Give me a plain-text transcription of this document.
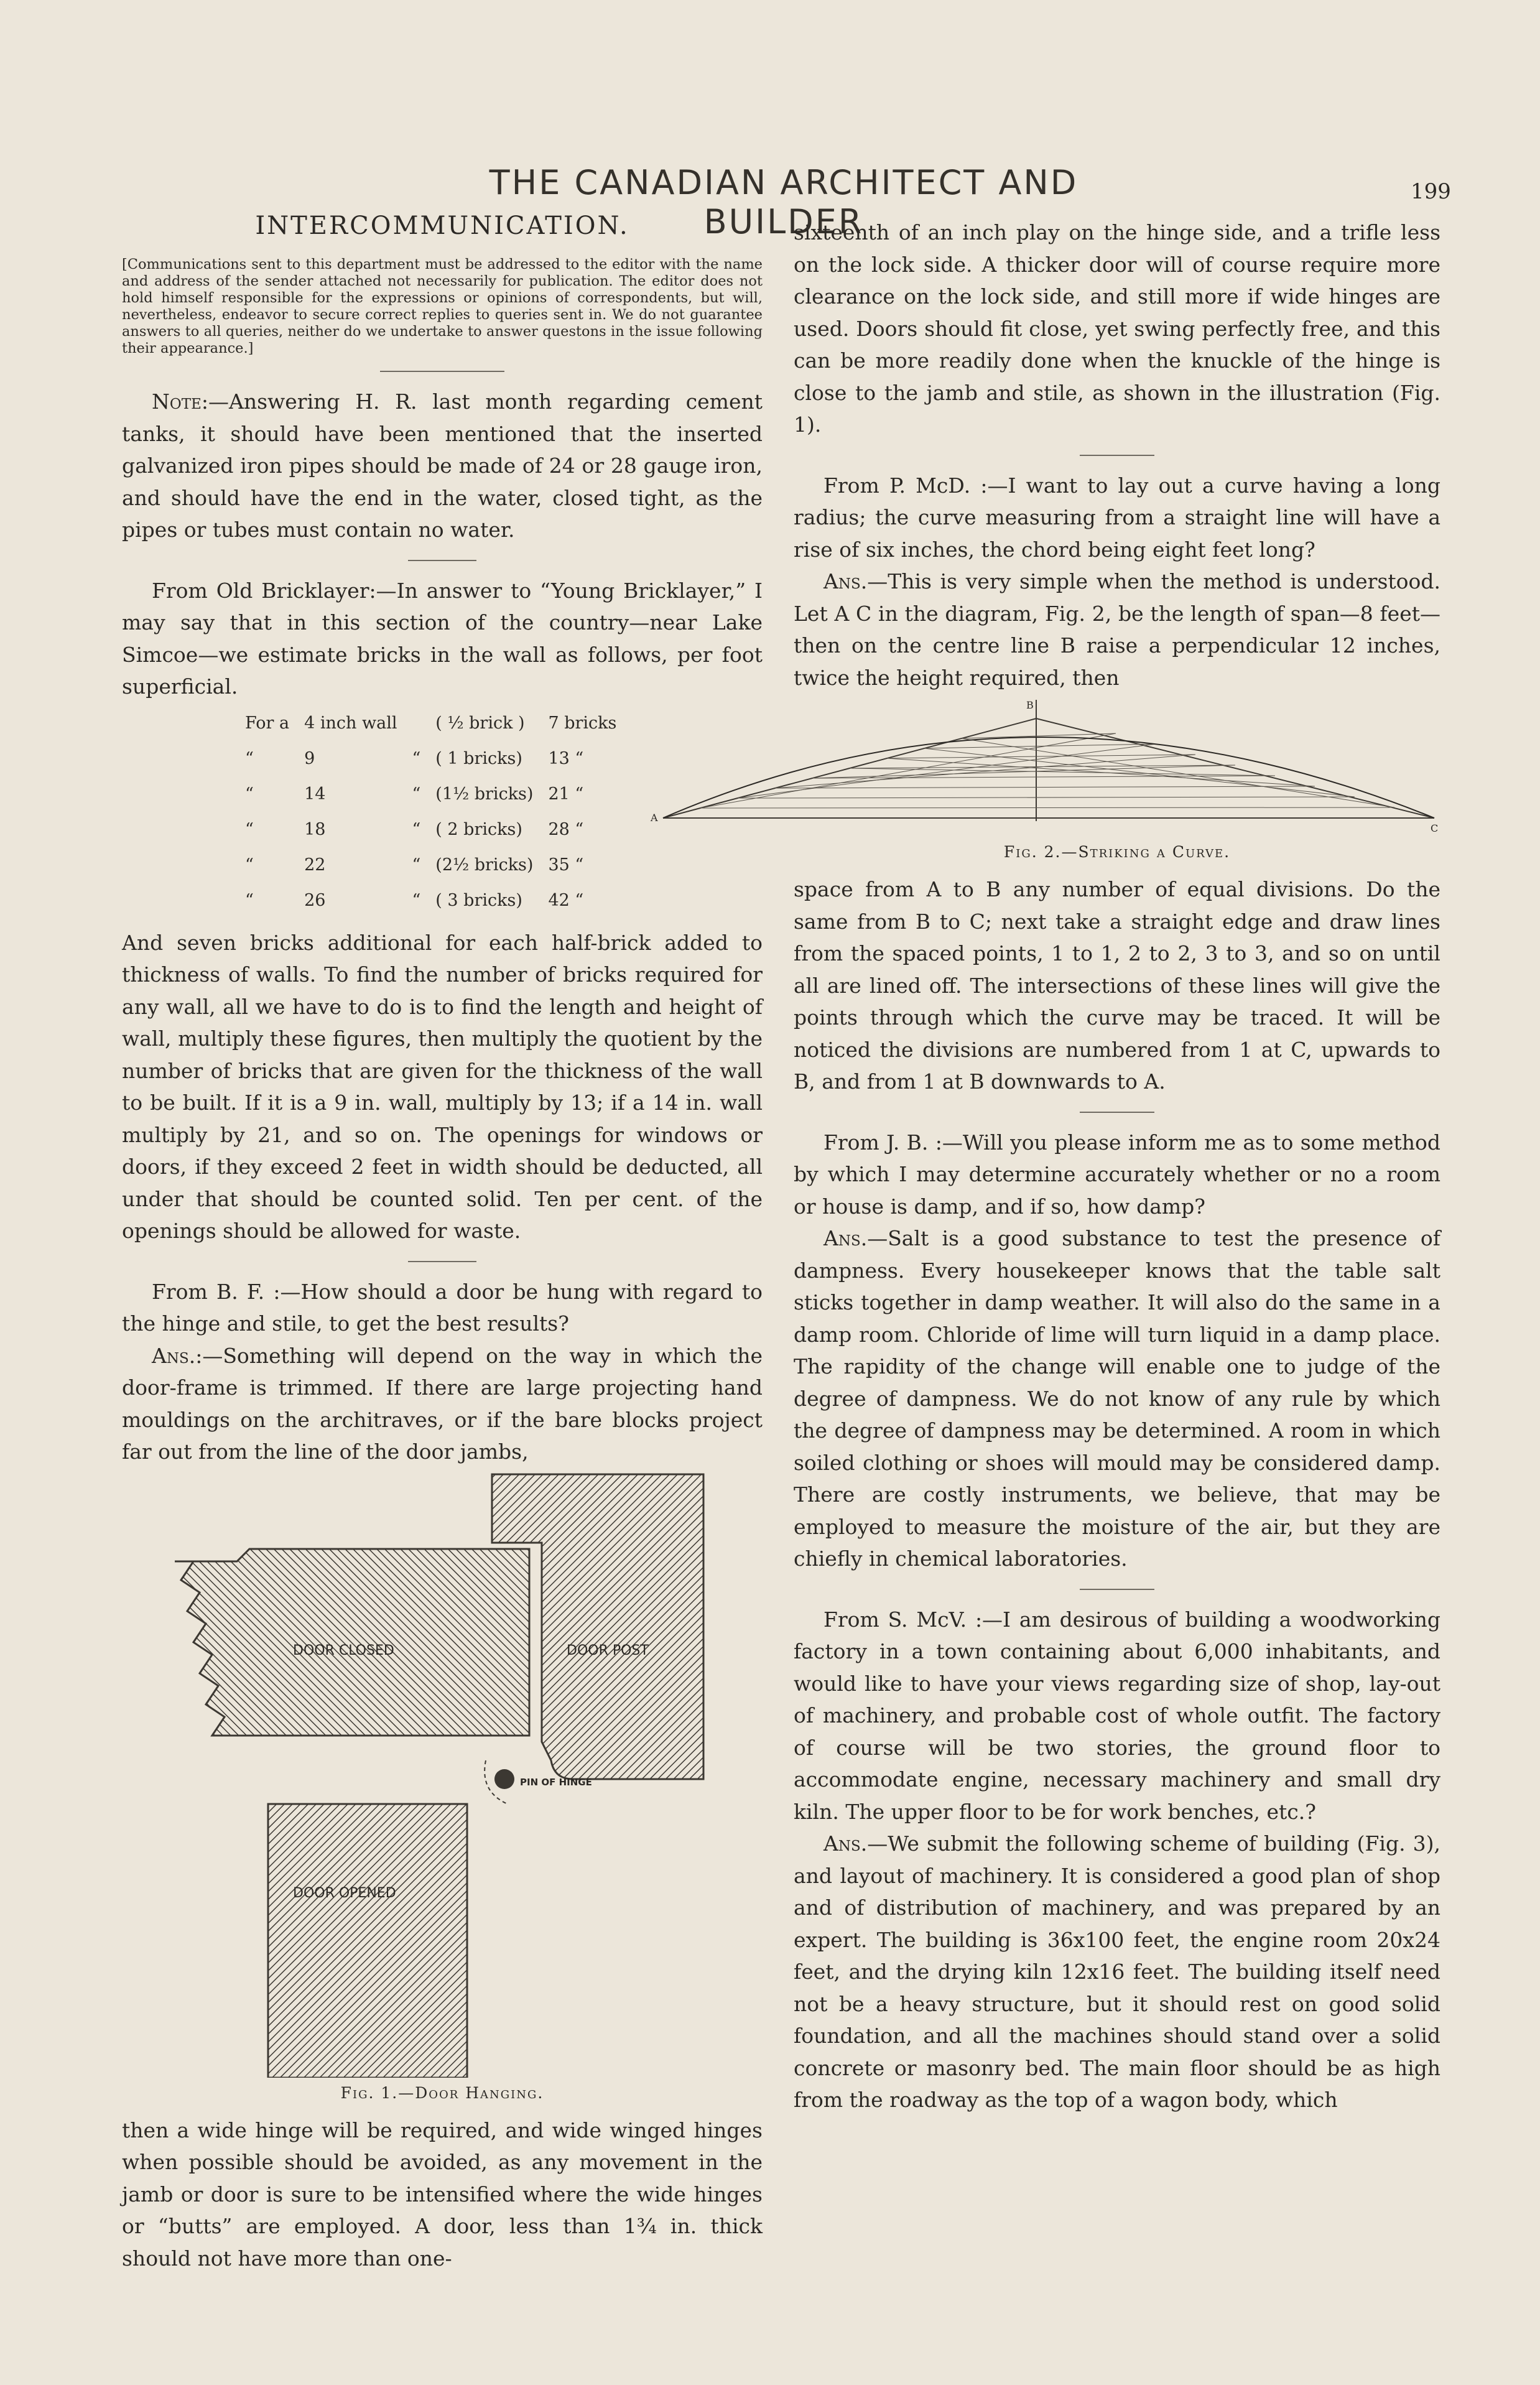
THE CANADIAN ARCHITECT AND BUILDER
199
INTERCOMMUNICATION.

[Communications sent to this department must be addressed to the editor with the name and address of the sender attached not necessarily for publication. The editor does not hold himself responsible for the expressions or opinions of correspondents, but will, nevertheless, endeavor to secure correct replies to queries sent in. We do not guarantee answers to all queries, neither do we undertake to answer questons in the issue following their appearance.]

Note:—Answering H. R. last month regarding cement tanks, it should have been mentioned that the inserted galvanized iron pipes should be made of 24 or 28 gauge iron, and should have the end in the water, closed tight, as the pipes or tubes must contain no water.

From Old Bricklayer:—In answer to “Young Bricklayer,” I may say that in this section of the country—near Lake Simcoe—we estimate bricks in the wall as follows, per foot superficial.

For a	4 inch wall		( ½ brick )	7 bricks
“	9	“	( 1 bricks)	13 “
“	14	“	(1½ bricks)	21 “
“	18	“	( 2 bricks)	28 “
“	22	“	(2½ bricks)	35 “
“	26	“	( 3 bricks)	42 “

And seven bricks additional for each half-brick added to thickness of walls. To find the number of bricks required for any wall, all we have to do is to find the length and height of wall, multiply these figures, then multiply the quotient by the number of bricks that are given for the thickness of the wall to be built. If it is a 9 in. wall, multiply by 13; if a 14 in. wall multiply by 21, and so on. The openings for windows or doors, if they exceed 2 feet in width should be deducted, all under that should be counted solid. Ten per cent. of the openings should be allowed for waste.

From B. F. :—How should a door be hung with regard to the hinge and stile, to get the best results?

Ans.:—Something will depend on the way in which the door-frame is trimmed. If there are large projecting hand mouldings on the architraves, or if the bare blocks project far out from the line of the door jambs,

DOOR CLOSED	DOOR POST
DOOR OPENED
PIN OF HINGE
Fig. 1.—Door Hanging.

then a wide hinge will be required, and wide winged hinges when possible should be avoided, as any movement in the jamb or door is sure to be intensified where the wide hinges or “butts” are employed. A door, less than 1¾ in. thick should not have more than one-

sixteenth of an inch play on the hinge side, and a trifle less on the lock side. A thicker door will of course require more clearance on the lock side, and still more if wide hinges are used. Doors should fit close, yet swing perfectly free, and this can be more readily done when the knuckle of the hinge is close to the jamb and stile, as shown in the illustration (Fig. 1).

From P. McD. :—I want to lay out a curve having a long radius; the curve measuring from a straight line will have a rise of six inches, the chord being eight feet long?

Ans.—This is very simple when the method is understood. Let A C in the diagram, Fig. 2, be the length of span—8 feet—then on the centre line B raise a perpendicular 12 inches, twice the height required, then

A
B
C
Fig. 2.—Striking a Curve.

space from A to B any number of equal divisions. Do the same from B to C; next take a straight edge and draw lines from the spaced points, 1 to 1, 2 to 2, 3 to 3, and so on until all are lined off. The intersections of these lines will give the points through which the curve may be traced. It will be noticed the divisions are numbered from 1 at C, upwards to B, and from 1 at B downwards to A.

From J. B. :—Will you please inform me as to some method by which I may determine accurately whether or no a room or house is damp, and if so, how damp?

Ans.—Salt is a good substance to test the presence of dampness. Every housekeeper knows that the table salt sticks together in damp weather. It will also do the same in a damp room. Chloride of lime will turn liquid in a damp place. The rapidity of the change will enable one to judge of the degree of dampness. We do not know of any rule by which the degree of dampness may be determined. A room in which soiled clothing or shoes will mould may be considered damp. There are costly instruments, we believe, that may be employed to measure the moisture of the air, but they are chiefly in chemical laboratories.

From S. McV. :—I am desirous of building a woodworking factory in a town containing about 6,000 inhabitants, and would like to have your views regarding size of shop, lay-out of machinery, and probable cost of whole outfit. The factory of course will be two stories, the ground floor to accommodate engine, necessary machinery and small dry kiln. The upper floor to be for work benches, etc.?

Ans.—We submit the following scheme of building (Fig. 3), and layout of machinery. It is considered a good plan of shop and of distribution of machinery, and was prepared by an expert. The building is 36x100 feet, the engine room 20x24 feet, and the drying kiln 12x16 feet. The building itself need not be a heavy structure, but it should rest on good solid foundation, and all the machines should stand over a solid concrete or masonry bed. The main floor should be as high from the roadway as the top of a wagon body, which
